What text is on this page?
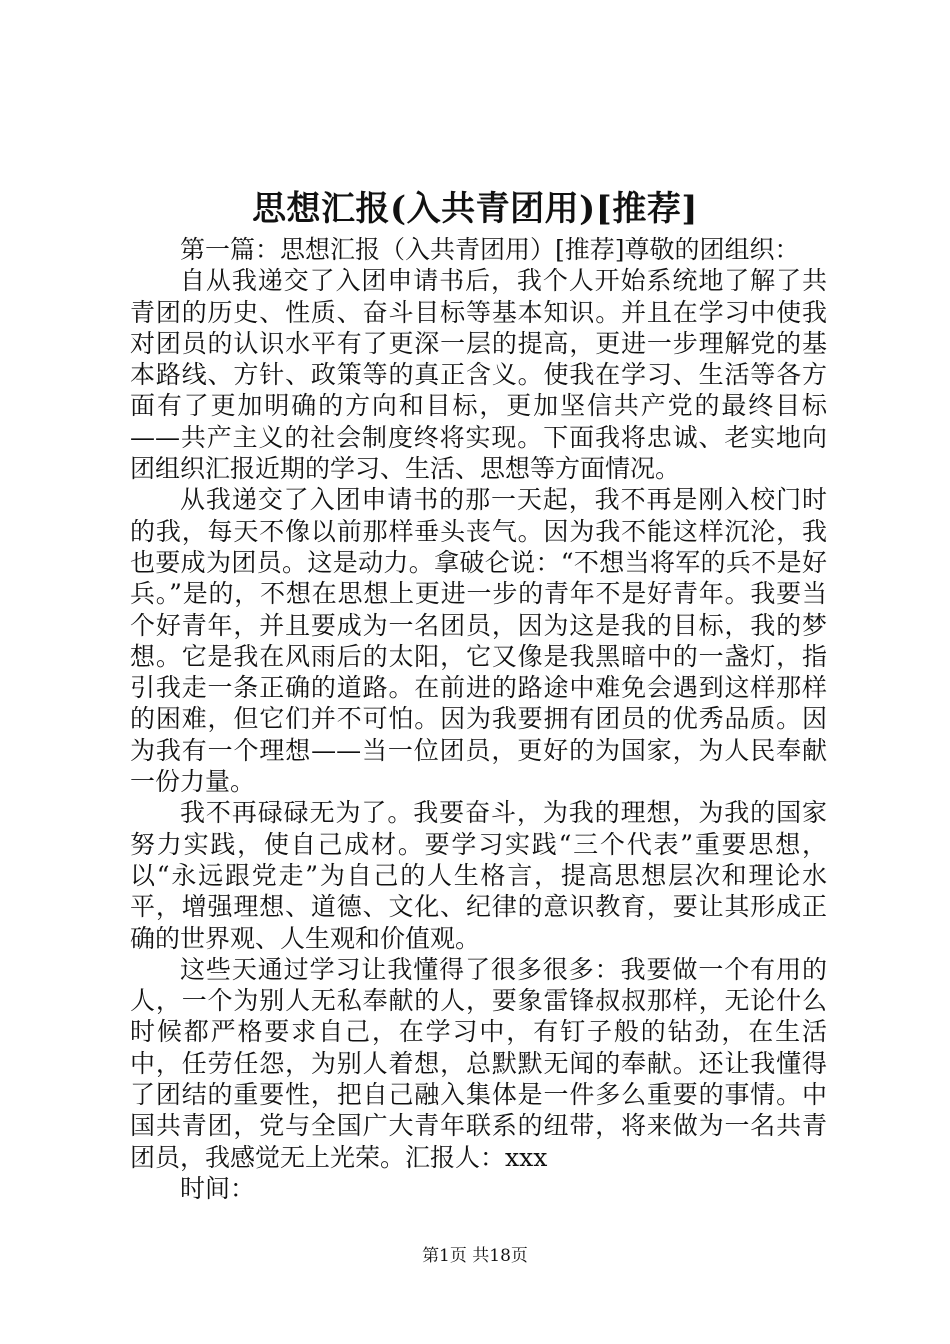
思想汇报(入共青团用)[推荐]

第一篇：思想汇报（入共青团用）[推荐]尊敬的团组织：

自从我递交了入团申请书后，我个人开始系统地了解了共青团的历史、性质、奋斗目标等基本知识。并且在学习中使我对团员的认识水平有了更深一层的提高，更进一步理解党的基本路线、方针、政策等的真正含义。使我在学习、生活等各方面有了更加明确的方向和目标，更加坚信共产党的最终目标——共产主义的社会制度终将实现。下面我将忠诚、老实地向团组织汇报近期的学习、生活、思想等方面情况。

从我递交了入团申请书的那一天起，我不再是刚入校门时的我，每天不像以前那样垂头丧气。因为我不能这样沉沦，我也要成为团员。这是动力。拿破仑说：“不想当将军的兵不是好兵。”是的，不想在思想上更进一步的青年不是好青年。我要当个好青年，并且要成为一名团员，因为这是我的目标，我的梦想。它是我在风雨后的太阳，它又像是我黑暗中的一盏灯，指引我走一条正确的道路。在前进的路途中难免会遇到这样那样的困难，但它们并不可怕。因为我要拥有团员的优秀品质。因为我有一个理想——当一位团员，更好的为国家，为人民奉献一份力量。

我不再碌碌无为了。我要奋斗，为我的理想，为我的国家努力实践，使自己成材。要学习实践“三个代表”重要思想，以“永远跟党走”为自己的人生格言，提高思想层次和理论水平，增强理想、道德、文化、纪律的意识教育，要让其形成正确的世界观、人生观和价值观。

这些天通过学习让我懂得了很多很多：我要做一个有用的人，一个为别人无私奉献的人，要象雷锋叔叔那样，无论什么时候都严格要求自己，在学习中，有钉子般的钻劲，在生活中，任劳任怨，为别人着想，总默默无闻的奉献。还让我懂得了团结的重要性，把自己融入集体是一件多么重要的事情。中国共青团，党与全国广大青年联系的纽带，将来做为一名共青团员，我感觉无上光荣。汇报人：xxx

时间：

第1页 共18页
